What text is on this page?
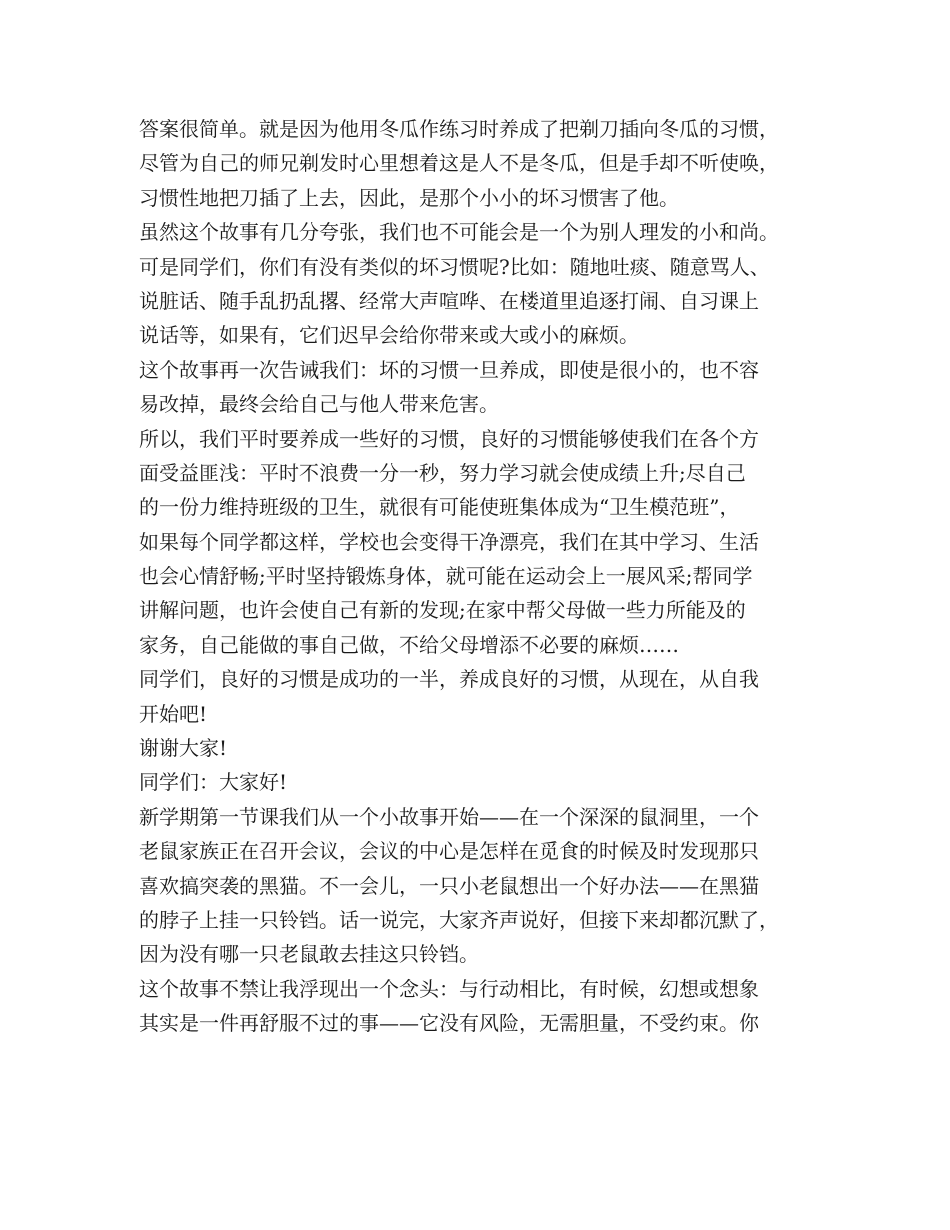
答案很简单。就是因为他用冬瓜作练习时养成了把剃刀插向冬瓜的习惯，
尽管为自己的师兄剃发时心里想着这是人不是冬瓜，但是手却不听使唤，
习惯性地把刀插了上去，因此，是那个小小的坏习惯害了他。
虽然这个故事有几分夸张，我们也不可能会是一个为别人理发的小和尚。
可是同学们，你们有没有类似的坏习惯呢?比如：随地吐痰、随意骂人、
说脏话、随手乱扔乱撂、经常大声喧哗、在楼道里追逐打闹、自习课上
说话等，如果有，它们迟早会给你带来或大或小的麻烦。
这个故事再一次告诫我们：坏的习惯一旦养成，即使是很小的，也不容
易改掉，最终会给自己与他人带来危害。
所以，我们平时要养成一些好的习惯，良好的习惯能够使我们在各个方
面受益匪浅：平时不浪费一分一秒，努力学习就会使成绩上升;尽自己
的一份力维持班级的卫生，就很有可能使班集体成为“卫生模范班”，
如果每个同学都这样，学校也会变得干净漂亮，我们在其中学习、生活
也会心情舒畅;平时坚持锻炼身体，就可能在运动会上一展风采;帮同学
讲解问题，也许会使自己有新的发现;在家中帮父母做一些力所能及的
家务，自己能做的事自己做，不给父母增添不必要的麻烦……
同学们，良好的习惯是成功的一半，养成良好的习惯，从现在，从自我
开始吧!
谢谢大家!
同学们：大家好!
新学期第一节课我们从一个小故事开始——在一个深深的鼠洞里，一个
老鼠家族正在召开会议，会议的中心是怎样在觅食的时候及时发现那只
喜欢搞突袭的黑猫。不一会儿，一只小老鼠想出一个好办法——在黑猫
的脖子上挂一只铃铛。话一说完，大家齐声说好，但接下来却都沉默了，
因为没有哪一只老鼠敢去挂这只铃铛。
这个故事不禁让我浮现出一个念头：与行动相比，有时候，幻想或想象
其实是一件再舒服不过的事——它没有风险，无需胆量，不受约束。你
